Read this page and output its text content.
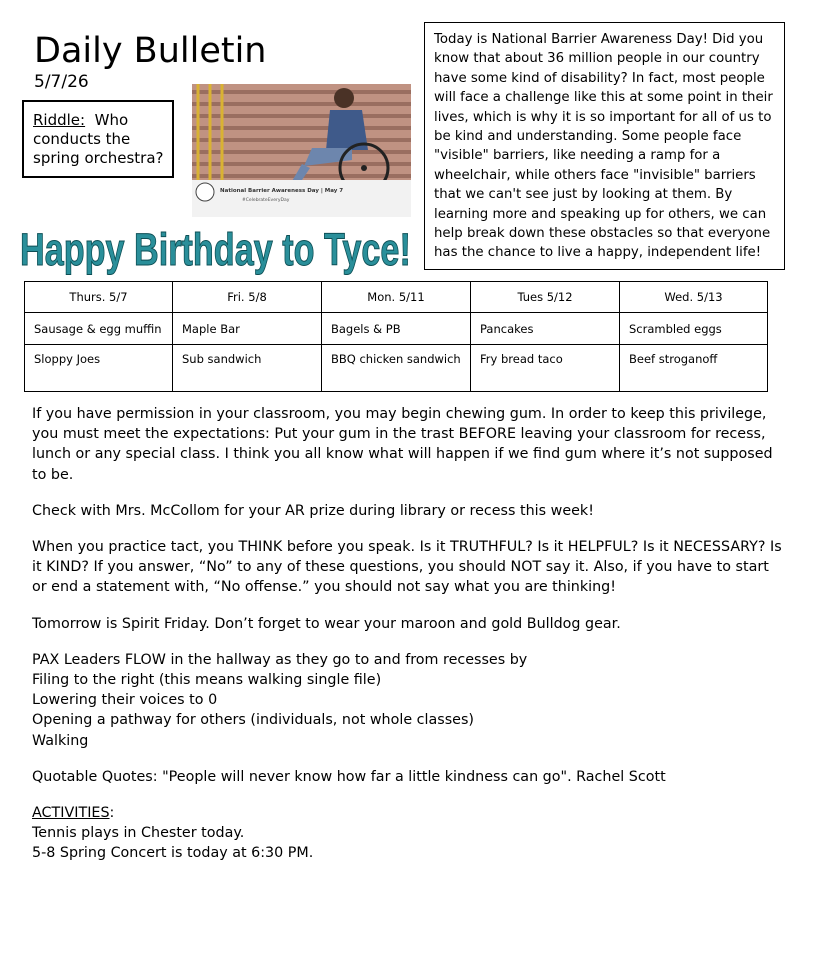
Daily Bulletin
5/7/26
Riddle: Who conducts the spring orchestra?
National Barrier Awareness Day | May 7
#CelebrateEveryDay
Today is National Barrier Awareness Day! Did you know that about 36 million people in our country have some kind of disability? In fact, most people will face a challenge like this at some point in their lives, which is why it is so important for all of us to be kind and understanding. Some people face "visible" barriers, like needing a ramp for a wheelchair, while others face "invisible" barriers that we can't see just by looking at them. By learning more and speaking up for others, we can help break down these obstacles so that everyone has the chance to live a happy, independent life!
Happy Birthday to Tyce!
Thurs. 5/7	Fri. 5/8	Mon. 5/11	Tues 5/12	Wed. 5/13
Sausage & egg muffin	Maple Bar	Bagels & PB	Pancakes	Scrambled eggs
Sloppy Joes	Sub sandwich	BBQ chicken sandwich	Fry bread taco	Beef stroganoff

If you have permission in your classroom, you may begin chewing gum. In order to keep this privilege, you must meet the expectations: Put your gum in the trast BEFORE leaving your classroom for recess, lunch or any special class. I think you all know what will happen if we find gum where it’s not supposed to be.

Check with Mrs. McCollom for your AR prize during library or recess this week!

When you practice tact, you THINK before you speak. Is it TRUTHFUL? Is it HELPFUL? Is it NECESSARY? Is it KIND? If you answer, “No” to any of these questions, you should NOT say it. Also, if you have to start or end a statement with, “No offense.” you should not say what you are thinking!

Tomorrow is Spirit Friday. Don’t forget to wear your maroon and gold Bulldog gear.

PAX Leaders FLOW in the hallway as they go to and from recesses by
Filing to the right (this means walking single file)
Lowering their voices to 0
Opening a pathway for others (individuals, not whole classes)
Walking

Quotable Quotes: "People will never know how far a little kindness can go". Rachel Scott

ACTIVITIES:
Tennis plays in Chester today.
5-8 Spring Concert is today at 6:30 PM.
